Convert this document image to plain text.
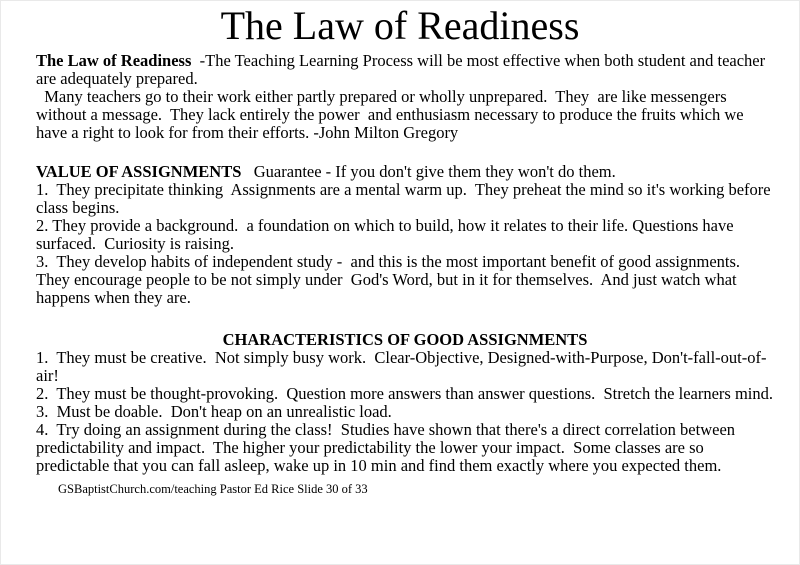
The Law of Readiness

The Law of Readiness  -The Teaching Learning Process will be most effective when both student and teacher  are adequately prepared.

Many teachers go to their work either partly prepared or wholly unprepared.  They  are like messengers without a message.  They lack entirely the power  and enthusiasm necessary to produce the fruits which we have a right to look for from their efforts. -John Milton Gregory

VALUE OF ASSIGNMENTS   Guarantee - If you don't give them they won't do them.

1.  They precipitate thinking  Assignments are a mental warm up.  They preheat the mind so it's working before class begins.

2. They provide a background.  a foundation on which to build, how it relates to their life. Questions have surfaced.  Curiosity is raising.

3.  They develop habits of independent study -  and this is the most important benefit of good assignments.  They encourage people to be not simply under  God's Word, but in it for themselves.  And just watch what happens when they are.

CHARACTERISTICS OF GOOD ASSIGNMENTS

1.  They must be creative.  Not simply busy work.  Clear-Objective, Designed-with-Purpose, Don't-fall-out-of-air!

2.  They must be thought-provoking.  Question more answers than answer questions.  Stretch the learners mind.

3.  Must be doable.  Don't heap on an unrealistic load.

4.  Try doing an assignment during the class!  Studies have shown that there's a direct correlation between  predictability and impact.  The higher your predictability the lower your impact.  Some classes are so predictable that you can fall asleep, wake up in 10 min and find them exactly where you expected them.

GSBaptistChurch.com/teaching Pastor Ed Rice Slide 30 of 33
